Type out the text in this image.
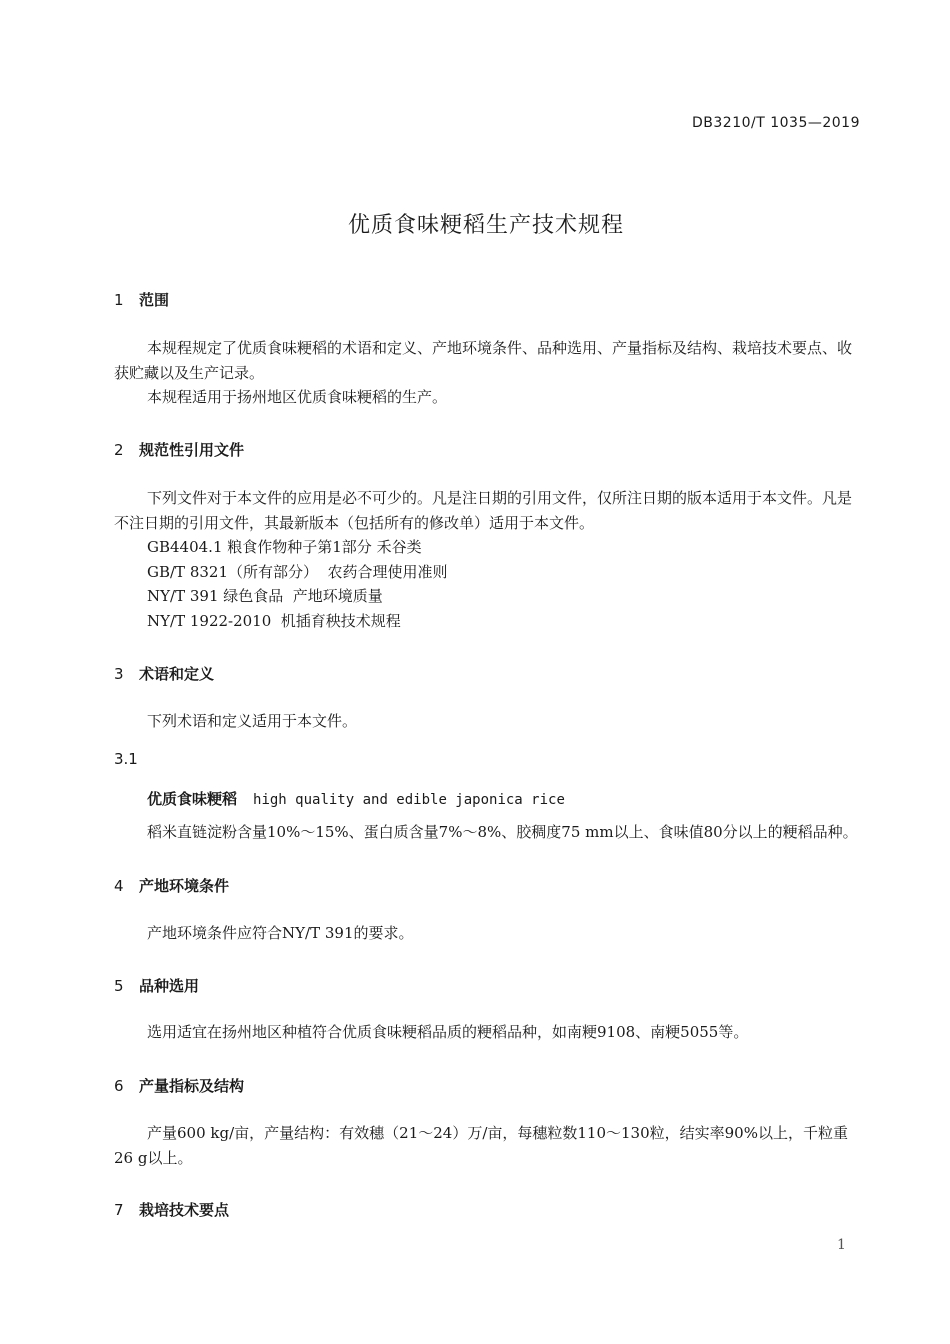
DB3210/T 1035—2019
优质食味粳稻生产技术规程
1 范围

本规程规定了优质食味粳稻的术语和定义、产地环境条件、品种选用、产量指标及结构、栽培技术要点、收获贮藏以及生产记录。

本规程适用于扬州地区优质食味粳稻的生产。

2 规范性引用文件

下列文件对于本文件的应用是必不可少的。凡是注日期的引用文件，仅所注日期的版本适用于本文件。凡是不注日期的引用文件，其最新版本（包括所有的修改单）适用于本文件。

GB4404.1 粮食作物种子第1部分 禾谷类

GB/T 8321（所有部分）  农药合理使用准则

NY/T 391 绿色食品  产地环境质量

NY/T 1922-2010  机插育秧技术规程

3 术语和定义

下列术语和定义适用于本文件。

3.1
优质食味粳稻 high quality and edible japonica rice

稻米直链淀粉含量10%～15%、蛋白质含量7%～8%、胶稠度75 mm以上、食味值80分以上的粳稻品种。

4 产地环境条件

产地环境条件应符合NY/T 391的要求。

5 品种选用

选用适宜在扬州地区种植符合优质食味粳稻品质的粳稻品种，如南粳9108、南粳5055等。

6 产量指标及结构

产量600 kg/亩，产量结构：有效穗（21～24）万/亩，每穗粒数110～130粒，结实率90%以上，千粒重26 g以上。

7 栽培技术要点
1
